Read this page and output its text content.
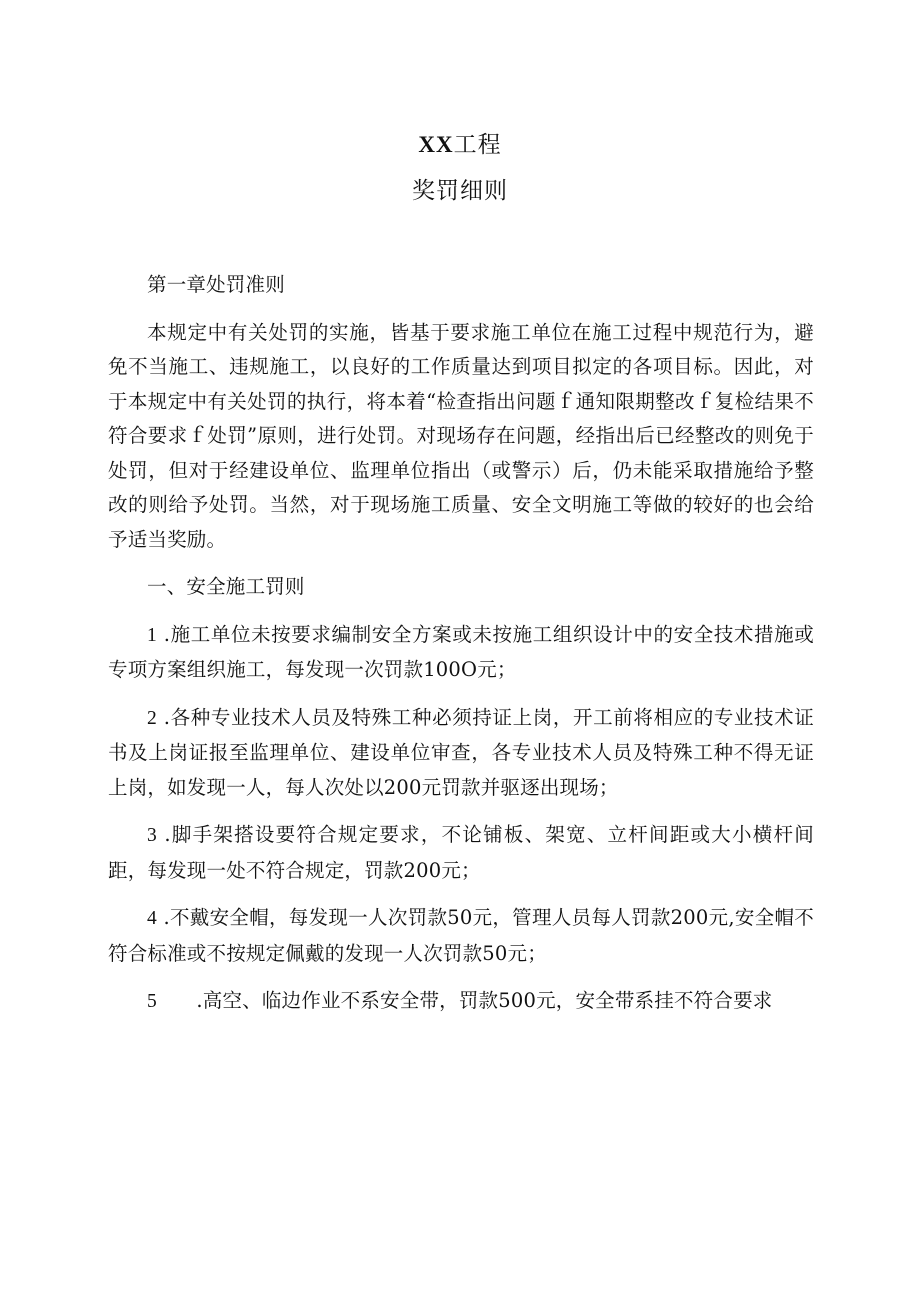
XX工程

奖罚细则

第一章处罚准则

本规定中有关处罚的实施，皆基于要求施工单位在施工过程中规范行为，避免不当施工、违规施工，以良好的工作质量达到项目拟定的各项目标。因此，对于本规定中有关处罚的执行，将本着“检查指出问题ｆ通知限期整改ｆ复检结果不符合要求ｆ处罚”原则，进行处罚。对现场存在问题，经指出后已经整改的则免于处罚，但对于经建设单位、监理单位指出（或警示）后，仍未能采取措施给予整改的则给予处罚。当然，对于现场施工质量、安全文明施工等做的较好的也会给予适当奖励。

一、安全施工罚则

1 .施工单位未按要求编制安全方案或未按施工组织设计中的安全技术措施或专项方案组织施工，每发现一次罚款100O元；

2 .各种专业技术人员及特殊工种必须持证上岗，开工前将相应的专业技术证书及上岗证报至监理单位、建设单位审查，各专业技术人员及特殊工种不得无证上岗，如发现一人，每人次处以200元罚款并驱逐出现场；

3 .脚手架搭设要符合规定要求，不论铺板、架宽、立杆间距或大小横杆间距，每发现一处不符合规定，罚款200元；

4 .不戴安全帽，每发现一人次罚款50元，管理人员每人罚款200元,安全帽不符合标准或不按规定佩戴的发现一人次罚款50元；

5　　.高空、临边作业不系安全带，罚款500元，安全带系挂不符合要求
